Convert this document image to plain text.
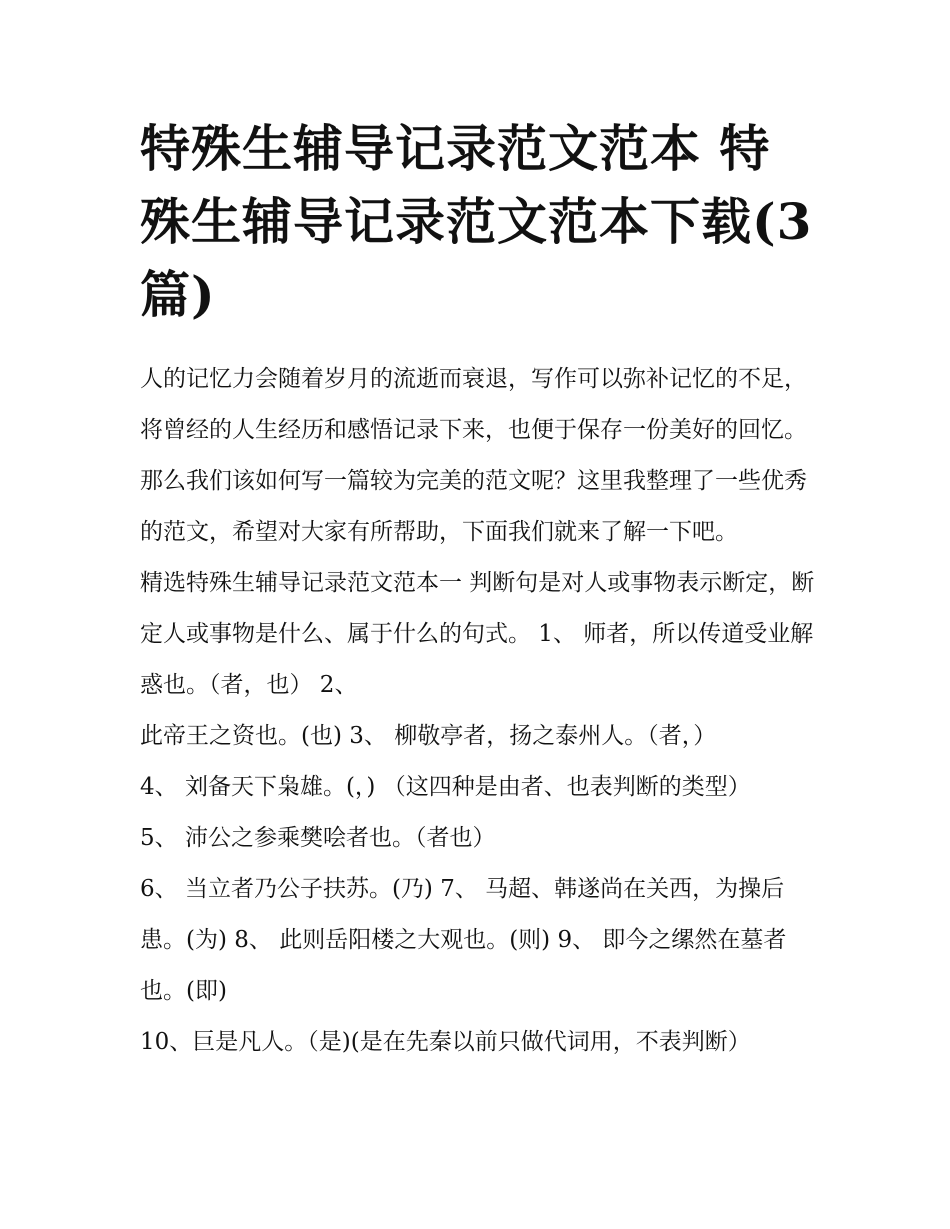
特殊生辅导记录范文范本 特殊生辅导记录范文范本下载(3篇)

人的记忆力会随着岁月的流逝而衰退，写作可以弥补记忆的不足，将曾经的人生经历和感悟记录下来，也便于保存一份美好的回忆。那么我们该如何写一篇较为完美的范文呢？这里我整理了一些优秀的范文，希望对大家有所帮助，下面我们就来了解一下吧。

精选特殊生辅导记录范文范本一 判断句是对人或事物表示断定，断定人或事物是什么、属于什么的句式。 1、 师者，所以传道受业解惑也。（者，也） 2、

此帝王之资也。(也) 3、 柳敬亭者，扬之泰州人。（者，）

4、 刘备天下枭雄。(，) （这四种是由者、也表判断的类型）

5、 沛公之参乘樊哙者也。（者也）

6、 当立者乃公子扶苏。(乃) 7、 马超、韩遂尚在关西，为操后患。(为) 8、 此则岳阳楼之大观也。(则) 9、 即今之缧然在墓者也。(即)

10、巨是凡人。（是)(是在先秦以前只做代词用，不表判断）
